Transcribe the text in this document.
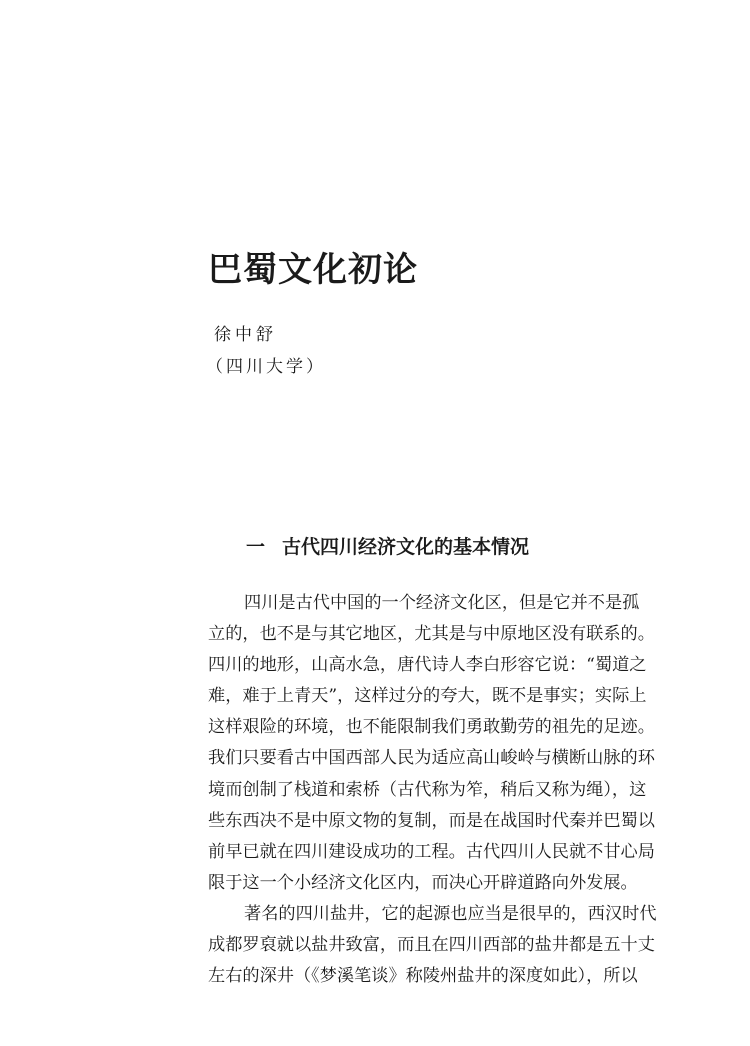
巴蜀文化初论
徐中舒
（四川大学）
一 古代四川经济文化的基本情况
四川是古代中国的一个经济文化区，但是它并不是孤
立的，也不是与其它地区，尤其是与中原地区没有联系的。
四川的地形，山高水急，唐代诗人李白形容它说：“蜀道之
难，难于上青天”，这样过分的夸大，既不是事实；实际上
这样艰险的环境，也不能限制我们勇敢勤劳的祖先的足迹。
我们只要看古中国西部人民为适应高山峻岭与横断山脉的环
境而创制了栈道和索桥（古代称为笮，稍后又称为绳），这
些东西决不是中原文物的复制，而是在战国时代秦并巴蜀以
前早已就在四川建设成功的工程。古代四川人民就不甘心局
限于这一个小经济文化区内，而决心开辟道路向外发展。
著名的四川盐井，它的起源也应当是很早的，西汉时代
成都罗裒就以盐井致富，而且在四川西部的盐井都是五十丈
左右的深井（《梦溪笔谈》称陵州盐井的深度如此），所以
